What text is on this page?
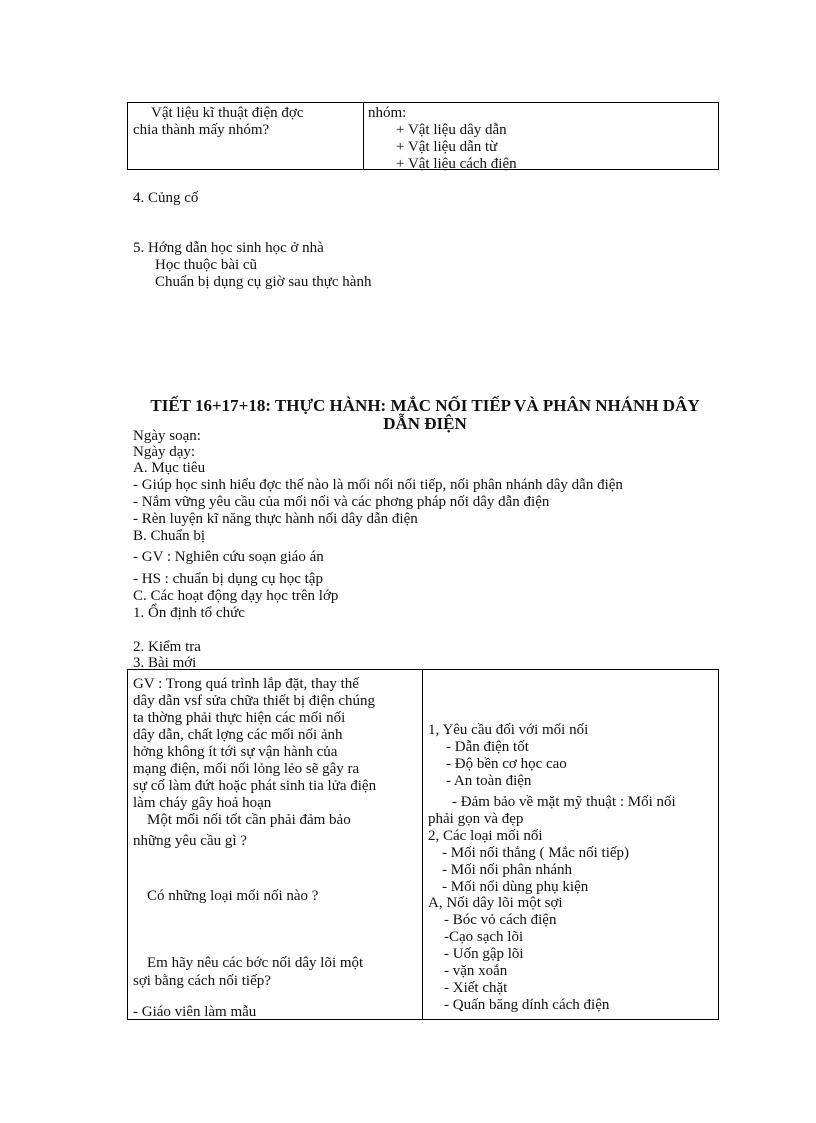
Vật liệu kĩ thuật điện đợc
chia thành mấy nhóm?
nhóm:
+ Vật liệu dây dẫn
+ Vật liệu dẫn từ
+ Vật liệu cách điện
4. Củng cố
5. Hớng dẫn học sinh học ở nhà
Học thuộc bài cũ
Chuẩn bị dụng cụ giờ sau thực hành
TIẾT 16+17+18: THỰC HÀNH: MẮC NỐI TIẾP VÀ PHÂN NHÁNH DÂY
DẪN ĐIỆN
Ngày soạn:
Ngày dạy:
A. Mục tiêu
- Giúp học sinh hiểu đợc thế nào là mối nối nối tiếp, nối phân nhánh dây dẫn điện
- Nắm vững yêu cầu của mối nối và các phơng pháp nối dây dẫn điện
- Rèn luyện kĩ năng thực hành nối dây dẫn điện
B. Chuẩn bị
- GV : Nghiên cứu soạn giáo án
- HS : chuẩn bị dụng cụ học tập
C. Các hoạt động dạy học trên lớp
1. Ổn định tổ chức
2. Kiểm tra
3. Bài mới
GV : Trong quá trình lắp đặt, thay thế
dây dẫn vsf sửa chữa thiết bị điện chúng
ta thờng phải thực hiện các mối nối
dây dẫn, chất lợng các mối nối ảnh
hởng không ít tới sự vận hành của
mạng điện, mối nối lỏng lẻo sẽ gây ra
sự cố làm đứt hoặc phát sinh tia lửa điện
làm cháy gây hoả hoạn
Một mối nối tốt cần phải đảm bảo
những yêu cầu gì ?
Có những loại mối nối nào ?
Em hãy nêu các bớc nối dây lõi một
sợi bằng cách nối tiếp?
- Giáo viên làm mẫu
1, Yêu cầu đối với mối nối
- Dẫn điện tốt
- Độ bền cơ học cao
- An toàn điện
- Đảm bảo về mặt mỹ thuật : Mối nối
phải gọn và đẹp
2, Các loại mối nối
- Mối nối thẳng ( Mắc nối tiếp)
- Mối nối phân nhánh
- Mối nối dùng phụ kiện
A, Nối dây lõi một sợi
- Bóc vỏ cách điện
-Cạo sạch lõi
- Uốn gập lõi
- vặn xoắn
- Xiết chặt
- Quấn băng dính cách điện
